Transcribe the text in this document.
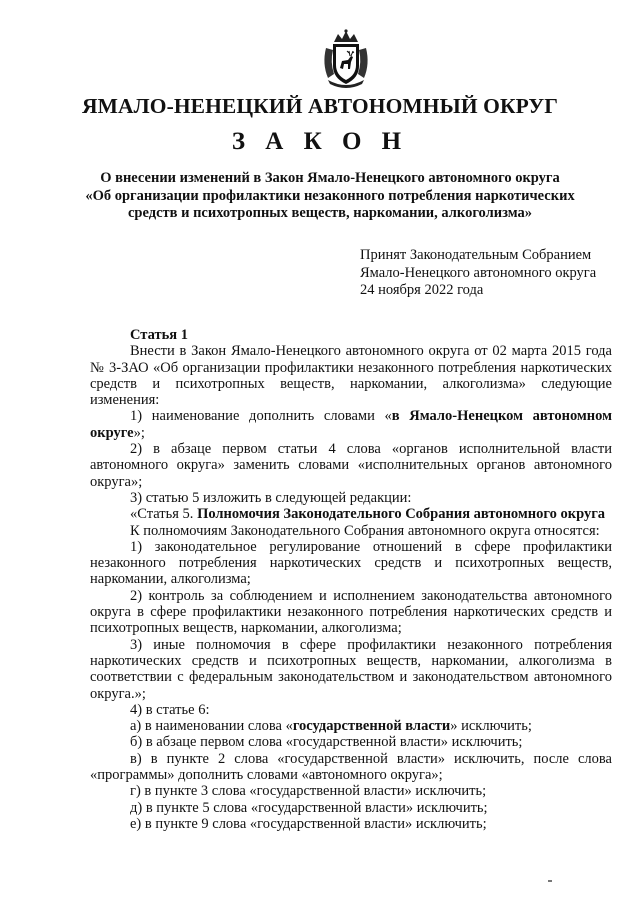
ЯМАЛО-НЕНЕЦКИЙ АВТОНОМНЫЙ ОКРУГ
З А К О Н
О внесении изменений в Закон Ямало-Ненецкого автономного округа
«Об организации профилактики незаконного потребления наркотических
средств и психотропных веществ, наркомании, алкоголизма»
Принят Законодательным Собранием
Ямало-Ненецкого автономного округа
24 ноября 2022 года

Статья 1

Внести в Закон Ямало-Ненецкого автономного округа от 02 марта 2015 года № 3-ЗАО «Об организации профилактики незаконного потребления наркотических средств и психотропных веществ, наркомании, алкоголизма» следующие изменения:

1) наименование дополнить словами «в Ямало-Ненецком автономном округе»;

2) в абзаце первом статьи 4 слова «органов исполнительной власти автономного округа» заменить словами «исполнительных органов автономного округа»;

3) статью 5 изложить в следующей редакции:

«Статья 5. Полномочия Законодательного Собрания автономного округа

К полномочиям Законодательного Собрания автономного округа относятся:

1) законодательное регулирование отношений в сфере профилактики незаконного потребления наркотических средств и психотропных веществ, наркомании, алкоголизма;

2) контроль за соблюдением и исполнением законодательства автономного округа в сфере профилактики незаконного потребления наркотических средств и психотропных веществ, наркомании, алкоголизма;

3) иные полномочия в сфере профилактики незаконного потребления наркотических средств и психотропных веществ, наркомании, алкоголизма в соответствии с федеральным законодательством и законодательством автономного округа.»;

4) в статье 6:

а) в наименовании слова «государственной власти» исключить;

б) в абзаце первом слова «государственной власти» исключить;

в) в пункте 2 слова «государственной власти» исключить, после слова «программы» дополнить словами «автономного округа»;

г) в пункте 3 слова «государственной власти» исключить;

д) в пункте 5 слова «государственной власти» исключить;

е) в пункте 9 слова «государственной власти» исключить;
